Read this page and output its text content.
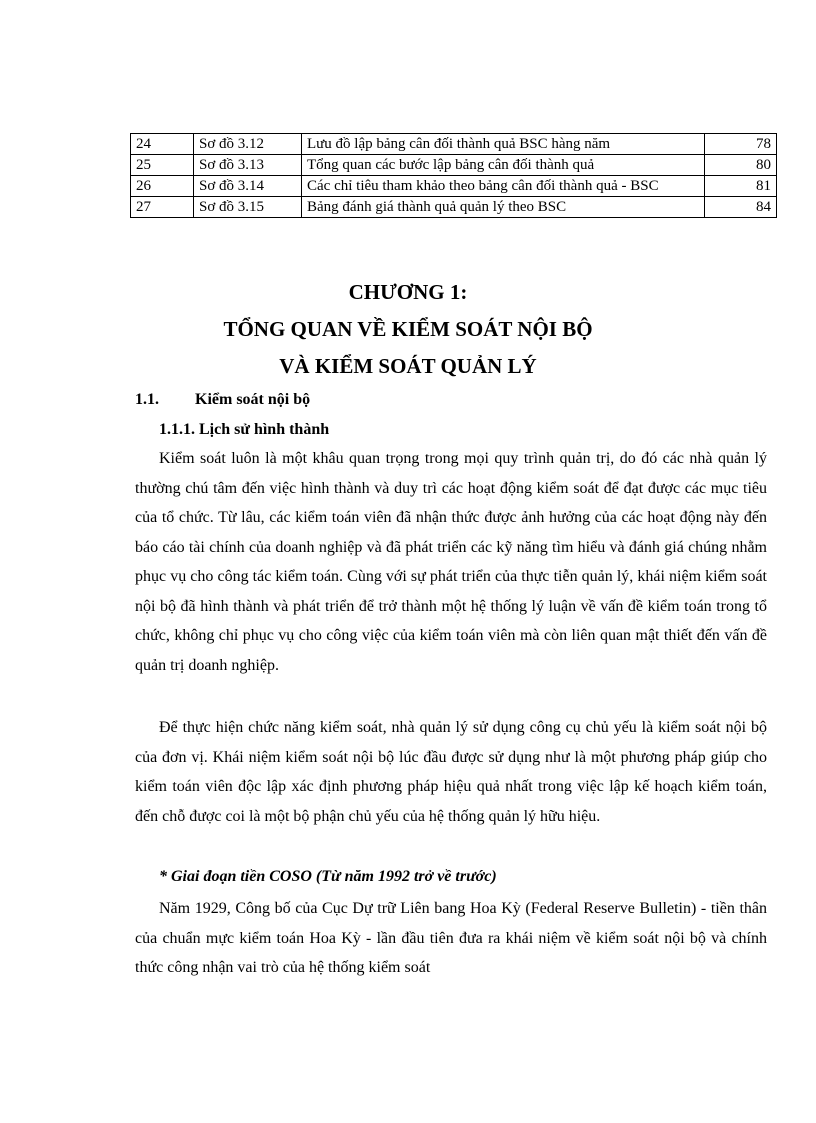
24	Sơ đồ 3.12	Lưu đồ lập bảng cân đối thành quả BSC hàng năm	78
25	Sơ đồ 3.13	Tổng quan các bước lập bảng cân đối thành quả	80
26	Sơ đồ 3.14	Các chỉ tiêu tham khảo theo bảng cân đối thành quả - BSC	81
27	Sơ đồ 3.15	Bảng đánh giá thành quả quản lý theo BSC	84
CHƯƠNG 1:
TỔNG QUAN VỀ KIỂM SOÁT NỘI BỘ
VÀ KIỂM SOÁT QUẢN LÝ
1.1. Kiểm soát nội bộ
1.1.1. Lịch sử hình thành

Kiểm soát luôn là một khâu quan trọng trong mọi quy trình quản trị, do đó các nhà quản lý thường chú tâm đến việc hình thành và duy trì các hoạt động kiểm soát để đạt được các mục tiêu của tổ chức. Từ lâu, các kiểm toán viên đã nhận thức được ảnh hưởng của các hoạt động này đến báo cáo tài chính của doanh nghiệp và đã phát triển các kỹ năng tìm hiểu và đánh giá chúng nhằm phục vụ cho công tác kiểm toán. Cùng với sự phát triển của thực tiễn quản lý, khái niệm kiểm soát nội bộ đã hình thành và phát triển để trở thành một hệ thống lý luận về vấn đề kiểm toán trong tổ chức, không chỉ phục vụ cho công việc của kiểm toán viên mà còn liên quan mật thiết đến vấn đề quản trị doanh nghiệp.

Để thực hiện chức năng kiểm soát, nhà quản lý sử dụng công cụ chủ yếu là kiểm soát nội bộ của đơn vị. Khái niệm kiểm soát nội bộ lúc đầu được sử dụng như là một phương pháp giúp cho kiểm toán viên độc lập xác định phương pháp hiệu quả nhất trong việc lập kế hoạch kiểm toán, đến chỗ được coi là một bộ phận chủ yếu của hệ thống quản lý hữu hiệu.

* Giai đoạn tiền COSO (Từ năm 1992 trở về trước)

Năm 1929, Công bố của Cục Dự trữ Liên bang Hoa Kỳ (Federal Reserve Bulletin) - tiền thân của chuẩn mực kiểm toán Hoa Kỳ - lần đầu tiên đưa ra khái niệm về kiểm soát nội bộ và chính thức công nhận vai trò của hệ thống kiểm soát
